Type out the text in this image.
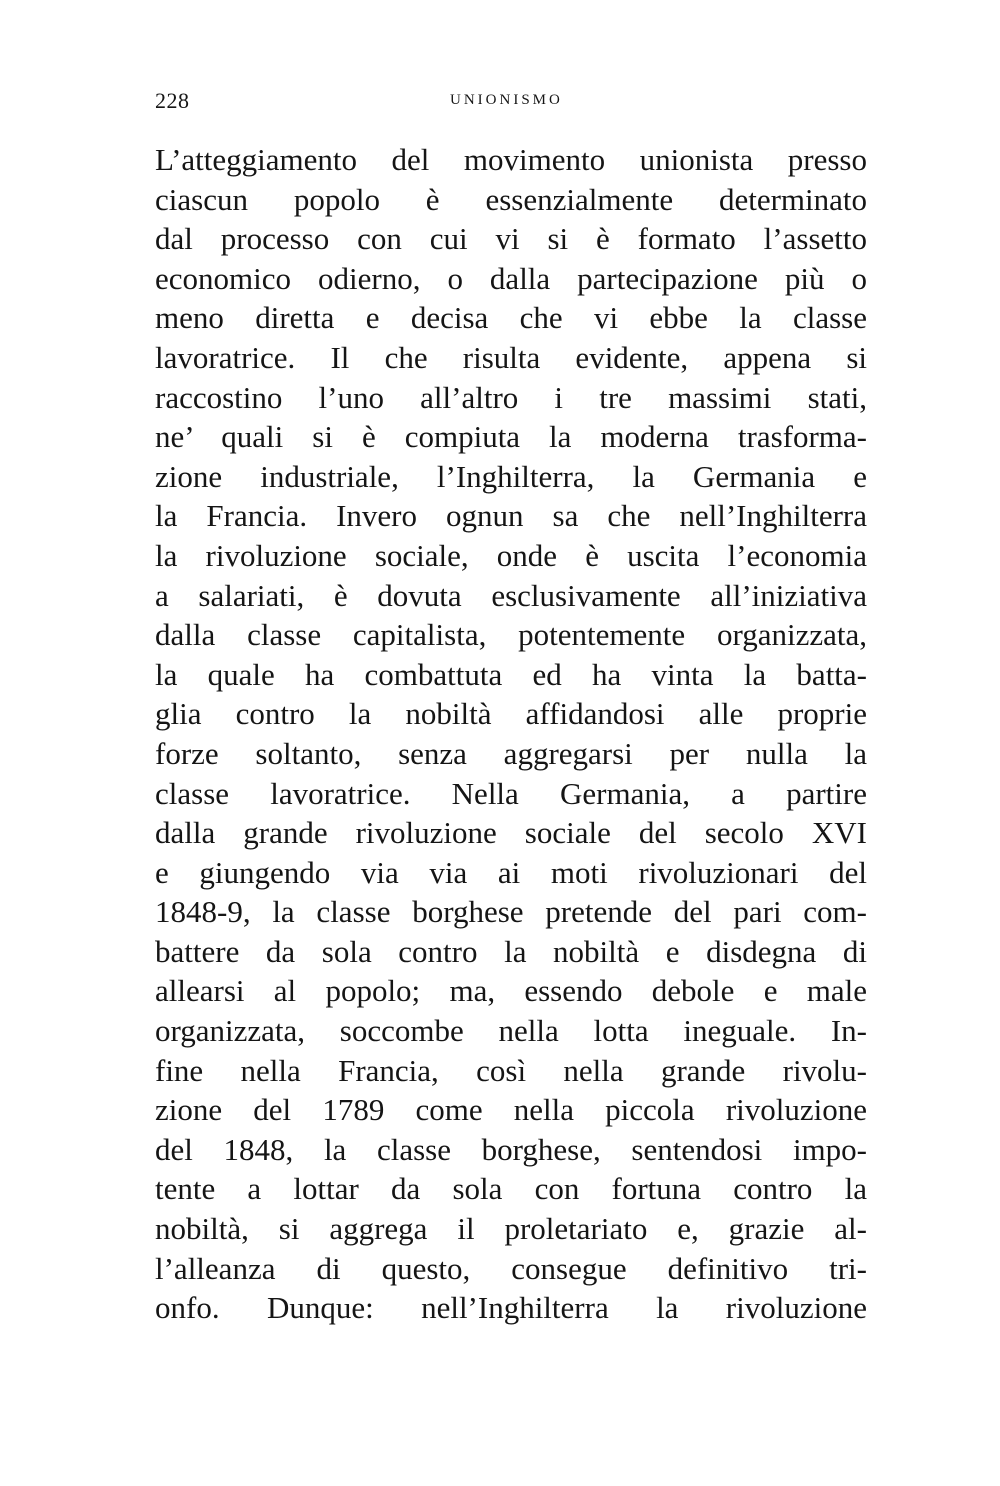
228	UNIONISMO
L’atteggiamento del movimento unionista presso
ciascun popolo è essenzialmente determinato
dal processo con cui vi si è formato l’assetto
economico odierno, o dalla partecipazione più o
meno diretta e decisa che vi ebbe la classe
lavoratrice. Il che risulta evidente, appena si
raccostino l’uno all’altro i tre massimi stati,
ne’ quali si è compiuta la moderna trasforma-
zione industriale, l’Inghilterra, la Germania e
la Francia. Invero ognun sa che nell’Inghilterra
la rivoluzione sociale, onde è uscita l’economia
a salariati, è dovuta esclusivamente all’iniziativa
dalla classe capitalista, potentemente organizzata,
la quale ha combattuta ed ha vinta la batta-
glia contro la nobiltà affidandosi alle proprie
forze soltanto, senza aggregarsi per nulla la
classe lavoratrice. Nella Germania, a partire
dalla grande rivoluzione sociale del secolo XVI
e giungendo via via ai moti rivoluzionari del
1848-9, la classe borghese pretende del pari com-
battere da sola contro la nobiltà e disdegna di
allearsi al popolo; ma, essendo debole e male
organizzata, soccombe nella lotta ineguale. In-
fine nella Francia, così nella grande rivolu-
zione del 1789 come nella piccola rivoluzione
del 1848, la classe borghese, sentendosi impo-
tente a lottar da sola con fortuna contro la
nobiltà, si aggrega il proletariato e, grazie al-
l’alleanza di questo, consegue definitivo tri-
onfo. Dunque: nell’Inghilterra la rivoluzione
